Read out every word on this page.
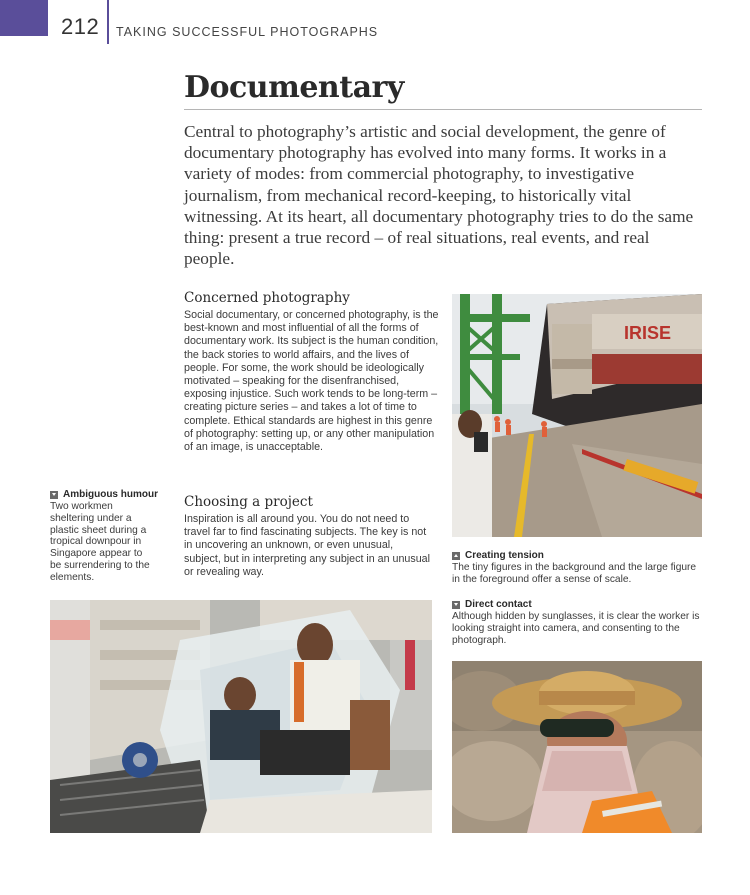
212 TAKING SUCCESSFUL PHOTOGRAPHS
Documentary
Central to photography’s artistic and social development, the genre of documentary photography has evolved into many forms. It works in a variety of modes: from commercial photography, to investigative journalism, from mechanical record-keeping, to historically vital witnessing. At its heart, all documentary photography tries to do the same thing: present a true record – of real situations, real events, and real people.
Concerned photography
Social documentary, or concerned photography, is the best-known and most influential of all the forms of documentary work. Its subject is the human condition, the back stories to world affairs, and the lives of people. For some, the work should be ideologically motivated – speaking for the disenfranchised, exposing injustice. Such work tends to be long-term – creating picture series – and takes a lot of time to complete. Ethical standards are highest in this genre of photography: setting up, or any other manipulation of an image, is unacceptable.
Choosing a project
Inspiration is all around you. You do not need to travel far to find fascinating subjects. The key is not in uncovering an unknown, or even unusual, subject, but in interpreting any subject in an unusual or revealing way.
Ambiguous humour
Two workmen sheltering under a plastic sheet during a tropical downpour in Singapore appear to be surrendering to the elements.
Creating tension
The tiny figures in the background and the large figure in the foreground offer a sense of scale.
Direct contact
Although hidden by sunglasses, it is clear the worker is looking straight into camera, and consenting to the photograph.
IRISE
